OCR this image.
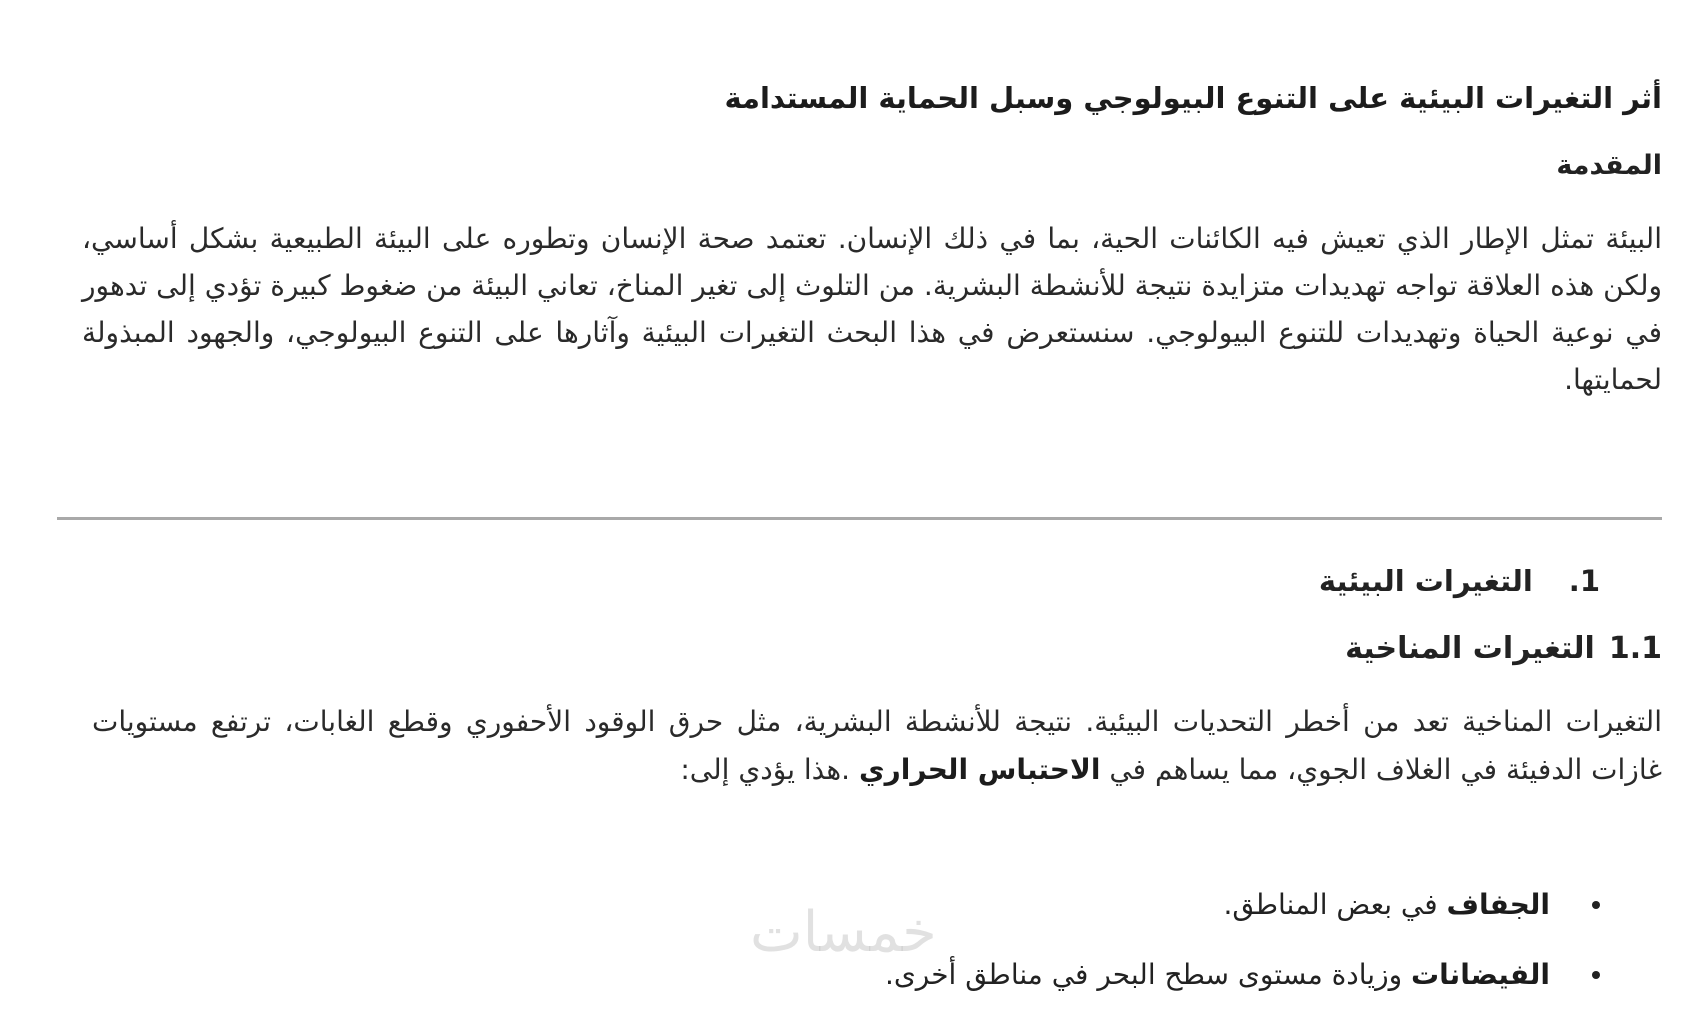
أثر التغيرات البيئية على التنوع البيولوجي وسبل الحماية المستدامة
المقدمة

البيئة تمثل الإطار الذي تعيش فيه الكائنات الحية، بما في ذلك الإنسان. تعتمد صحة الإنسان وتطوره على البيئة الطبيعية بشكل أساسي، ولكن هذه العلاقة تواجه تهديدات متزايدة نتيجة للأنشطة البشرية. من التلوث إلى تغير المناخ، تعاني البيئة من ضغوط كبيرة تؤدي إلى تدهور في نوعية الحياة وتهديدات للتنوع البيولوجي. سنستعرض في هذا البحث التغيرات البيئية وآثارها على التنوع البيولوجي، والجهود المبذولة لحمايتها.

1.التغيرات البيئية
1.1التغيرات المناخية

التغيرات المناخية تعد من أخطر التحديات البيئية. نتيجة للأنشطة البشرية، مثل حرق الوقود الأحفوري وقطع الغابات، ترتفع مستويات غازات الدفيئة في الغلاف الجوي، مما يساهم في الاحتباس الحراري .هذا يؤدي إلى:

الجفاف في بعض المناطق.
الفيضانات وزيادة مستوى سطح البحر في مناطق أخرى.
خمسات
